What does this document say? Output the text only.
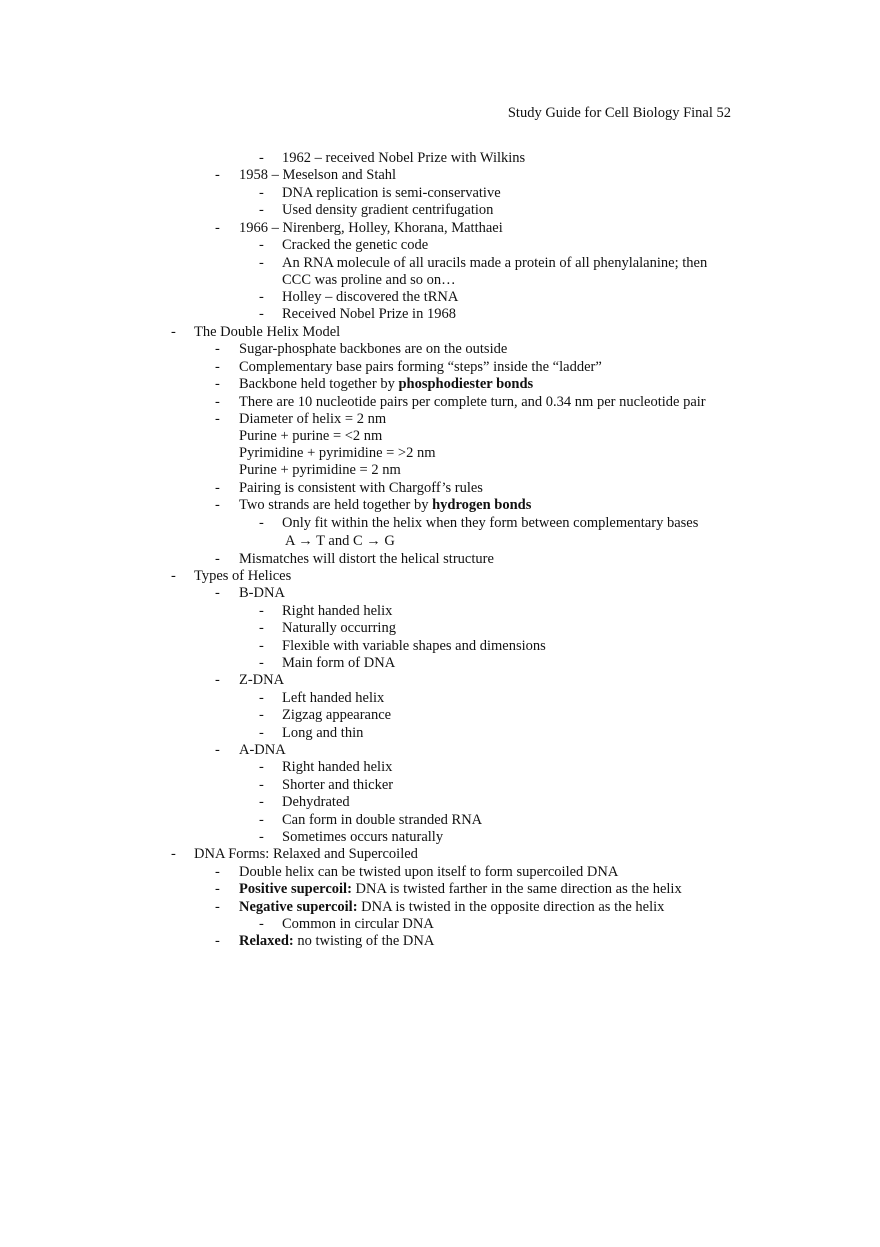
Study Guide for Cell Biology Final 52
- 1962 – received Nobel Prize with Wilkins
- 1958 – Meselson and Stahl
- DNA replication is semi-conservative
- Used density gradient centrifugation
- 1966 – Nirenberg, Holley, Khorana, Matthaei
- Cracked the genetic code
- An RNA molecule of all uracils made a protein of all phenylalanine; then
CCC was proline and so on…
- Holley – discovered the tRNA
- Received Nobel Prize in 1968
- The Double Helix Model
- Sugar-phosphate backbones are on the outside
- Complementary base pairs forming “steps” inside the “ladder”
- Backbone held together by phosphodiester bonds
- There are 10 nucleotide pairs per complete turn, and 0.34 nm per nucleotide pair
- Diameter of helix = 2 nm
Purine + purine = <2 nm
Pyrimidine + pyrimidine = >2 nm
Purine + pyrimidine = 2 nm
- Pairing is consistent with Chargoff’s rules
- Two strands are held together by hydrogen bonds
- Only fit within the helix when they form between complementary bases
A → T and C → G
- Mismatches will distort the helical structure
- Types of Helices
- B-DNA
- Right handed helix
- Naturally occurring
- Flexible with variable shapes and dimensions
- Main form of DNA
- Z-DNA
- Left handed helix
- Zigzag appearance
- Long and thin
- A-DNA
- Right handed helix
- Shorter and thicker
- Dehydrated
- Can form in double stranded RNA
- Sometimes occurs naturally
- DNA Forms: Relaxed and Supercoiled
- Double helix can be twisted upon itself to form supercoiled DNA
- Positive supercoil: DNA is twisted farther in the same direction as the helix
- Negative supercoil: DNA is twisted in the opposite direction as the helix
- Common in circular DNA
- Relaxed: no twisting of the DNA
